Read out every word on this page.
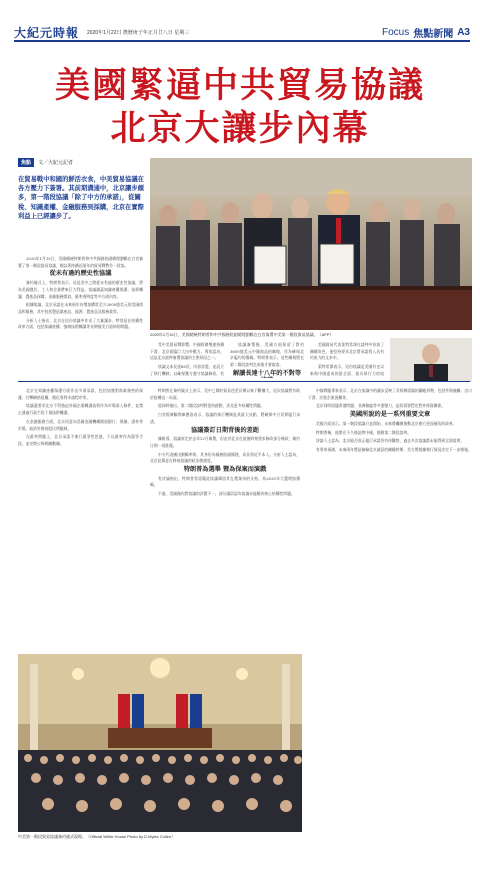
大紀元時報 2020年1月22日 農曆庚子年正月廿八日 星期三	Focus 焦點新聞 A3
美國緊逼中共貿易協議
北京大讓步內幕
焦點	文／大紀元記者
在貿易戰中和國的鮮活衣食，中美貿易協議在各方壓力下簽署。其前期溝通中，北京讓步頗多，第一階段協議「除了中方的承諾」，從關稅、知識產權、金融服務到採購，北京在實際利益上已經讓步了。
2020年1月15日，美國總統特朗普和中共國務院副總理劉鶴在白宮簽署中美第一階段貿易協議。（AFP）

2020年1月15日，美國總統特朗普和中共國務院副總理劉鶴在白宮簽署了第一階段貿易協議，標誌著持續近兩年的貿易戰暫告一段落。

從未有過的歷史性協議

簽約儀式上，特朗普表示，這是美中之間從未有過的歷史性協議，將為美國農民、工人和企業帶來巨大利益。協議涵蓋知識產權保護、技術轉讓、農產品採購、金融服務開放、匯率透明度等多方面內容。

根據協議，北京承諾在未來兩年內增加購買至少2000億美元的美國商品和服務，其中包括製造業產品、能源、農產品及服務業等。

分析人士指出，北京在這份協議中作出了大量讓步，特別是在結構性改革方面，包括知識產權、強制技術轉讓等長期被美方詬病的問題。

受中美貿易戰影響，中國經濟增速持續下滑，北京面臨巨大內外壓力。專家認為，這是北京最終簽署協議的主要原因之一。

協議文本長達86頁，內容詳盡，並設立了執行機制，以確保雙方遵守協議條款。若

協議簽署後，美國方面保留了對約3600億美元中國商品的關稅，作為確保北京履約的籌碼。特朗普表示，這些關稅將在第二階段談判完成後才會取消。

解讀長達十八年的不對等

美國貿易代表萊特希澤在談判中扮演了關鍵角色，他堅持要求北京將承諾寫入具有約束力的文本中。

萊特希澤表示，這份協議是美國有史以來與中國達成的最全面、最具執行力的協

北京在知識產權保護方面作出多項承諾，包括加強對商業秘密的保護、打擊網絡侵權、簡化專利申請程序等。

協議還要求北京不得強迫外國企業轉讓技術作為市場准入條件，並禁止通過行政手段干預技術轉讓。

在金融服務方面，北京同意向美國金融機構開放銀行、保險、證券等市場，取消外資持股比例限制。

在匯率問題上，北京承諾不進行競爭性貶值，不以匯率作為競爭手段，並定期公佈相關數據。

特朗普在簽約儀式上表示，美中之間的貿易逆差長期以來不斷擴大，這次協議將有助於扭轉這一局面。

他同時指出，第二階段談判將很快啟動，涉及更多結構性問題。

白宮經濟顧問庫德洛表示，協議的執行機制是其最大亮點，將確保中方切實履行承諾。

協議簽訂日期背後的差距

據報導，協議原定於去年12月簽署，但由於北京在最後時刻要求修改部分條款，簽約日期一再推遲。

中方代表團由劉鶴率領，其身份為國務院副總理，而非習近平本人。分析人士認為，北京此舉意在降低協議的政治敏感度。

特朗普為選舉 暨為保案而演戲

有評論指出，特朗普希望藉此協議鞏固其在農業州的支持，為2020年大選增加籌碼。

不過，美國國內對協議的評價不一，部分議員認為協議未能解決核心結構性問題。

中國問題專家表示，北京在協議中的讓步反映了其經濟面臨的嚴峻形勢，包括外資撤離、出口下滑、民營企業困難等。

北京同時面臨香港問題、非洲豬瘟等多重壓力，迫切需要穩定對外經貿關係。

美國所說的是一系列重要文章

美國方面表示，第一階段協議只是開始，未來將繼續推動北京進行更深層次的改革。

特朗普稱，他將在不久後訪問中國，推動第二階段談判。

評論人士認為，北京能否真正履行承諾仍有待觀察，過去多次協議都未能得到全面落實。

有專家預測，未來兩年將是檢驗北京誠意的關鍵時期，美方將根據執行情況決定下一步措施。

中美第一階段貿易協議簽約儀式現場。（Official White House Photo by D.Myles Cullen）
